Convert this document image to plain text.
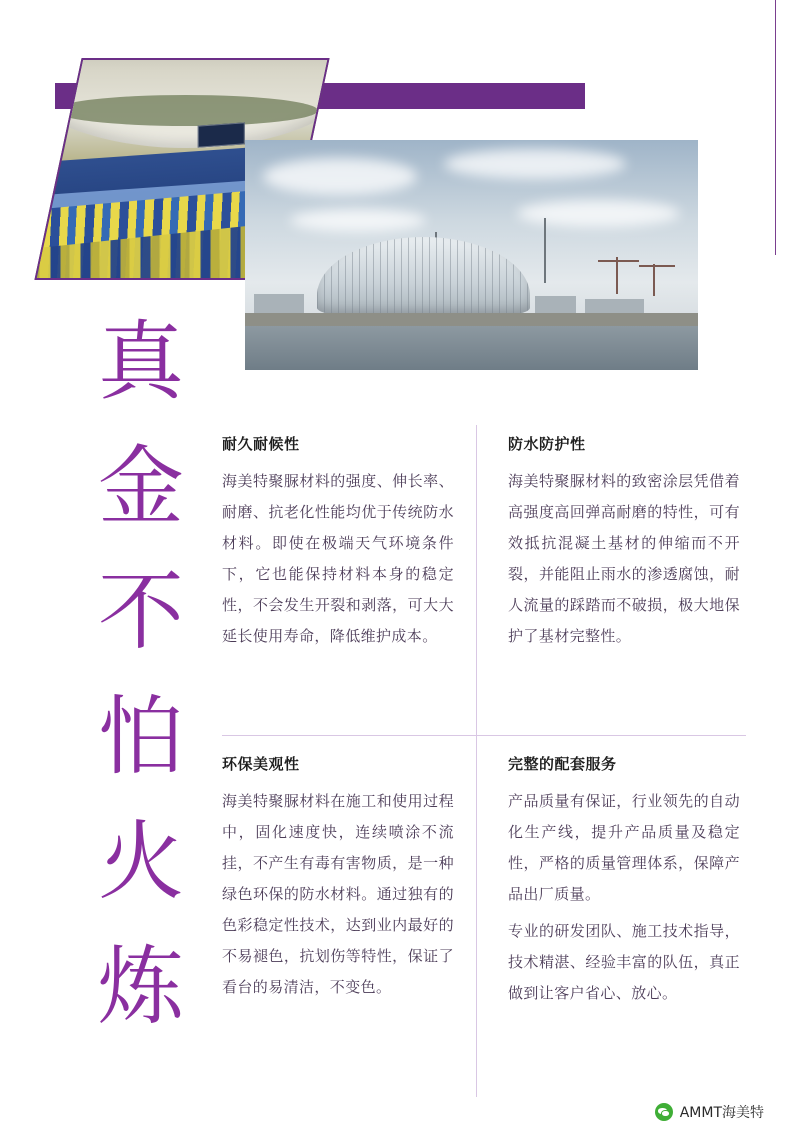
真
金
不
怕
火
炼
耐久耐候性

海美特聚脲材料的强度、伸长率、耐磨、抗老化性能均优于传统防水材料。即使在极端天气环境条件下，它也能保持材料本身的稳定性，不会发生开裂和剥落，可大大延长使用寿命，降低维护成本。

防水防护性

海美特聚脲材料的致密涂层凭借着高强度高回弹高耐磨的特性，可有效抵抗混凝土基材的伸缩而不开裂，并能阻止雨水的渗透腐蚀，耐人流量的踩踏而不破损，极大地保护了基材完整性。

环保美观性

海美特聚脲材料在施工和使用过程中，固化速度快，连续喷涂不流挂，不产生有毒有害物质，是一种绿色环保的防水材料。通过独有的色彩稳定性技术，达到业内最好的不易褪色，抗划伤等特性，保证了看台的易清洁，不变色。

完整的配套服务

产品质量有保证，行业领先的自动化生产线，提升产品质量及稳定性，严格的质量管理体系，保障产品出厂质量。

专业的研发团队、施工技术指导，技术精湛、经验丰富的队伍，真正做到让客户省心、放心。

AMMT海美特
